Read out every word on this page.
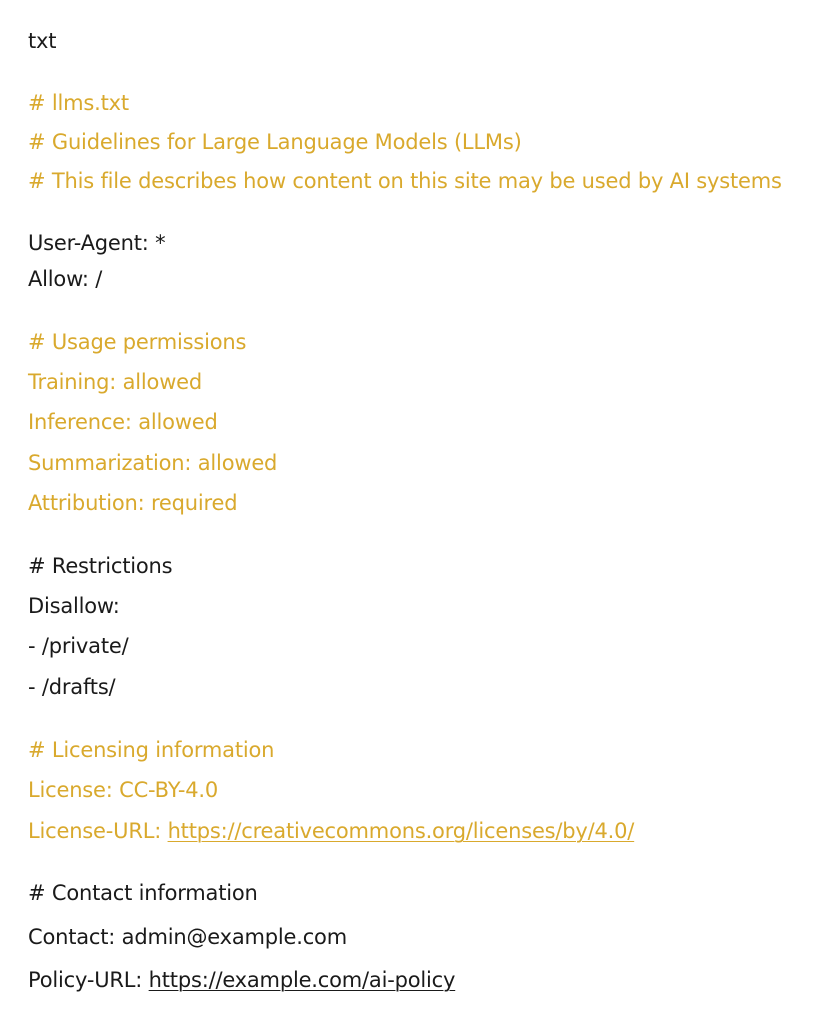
txt
# llms.txt
# Guidelines for Large Language Models (LLMs)
# This file describes how content on this site may be used by AI systems
User-Agent: *
Allow: /
# Usage permissions
Training: allowed
Inference: allowed
Summarization: allowed
Attribution: required
# Restrictions
Disallow:
- /private/
- /drafts/
# Licensing information
License: CC-BY-4.0
License-URL: https://creativecommons.org/licenses/by/4.0/
# Contact information
Contact: admin@example.com
Policy-URL: https://example.com/ai-policy
